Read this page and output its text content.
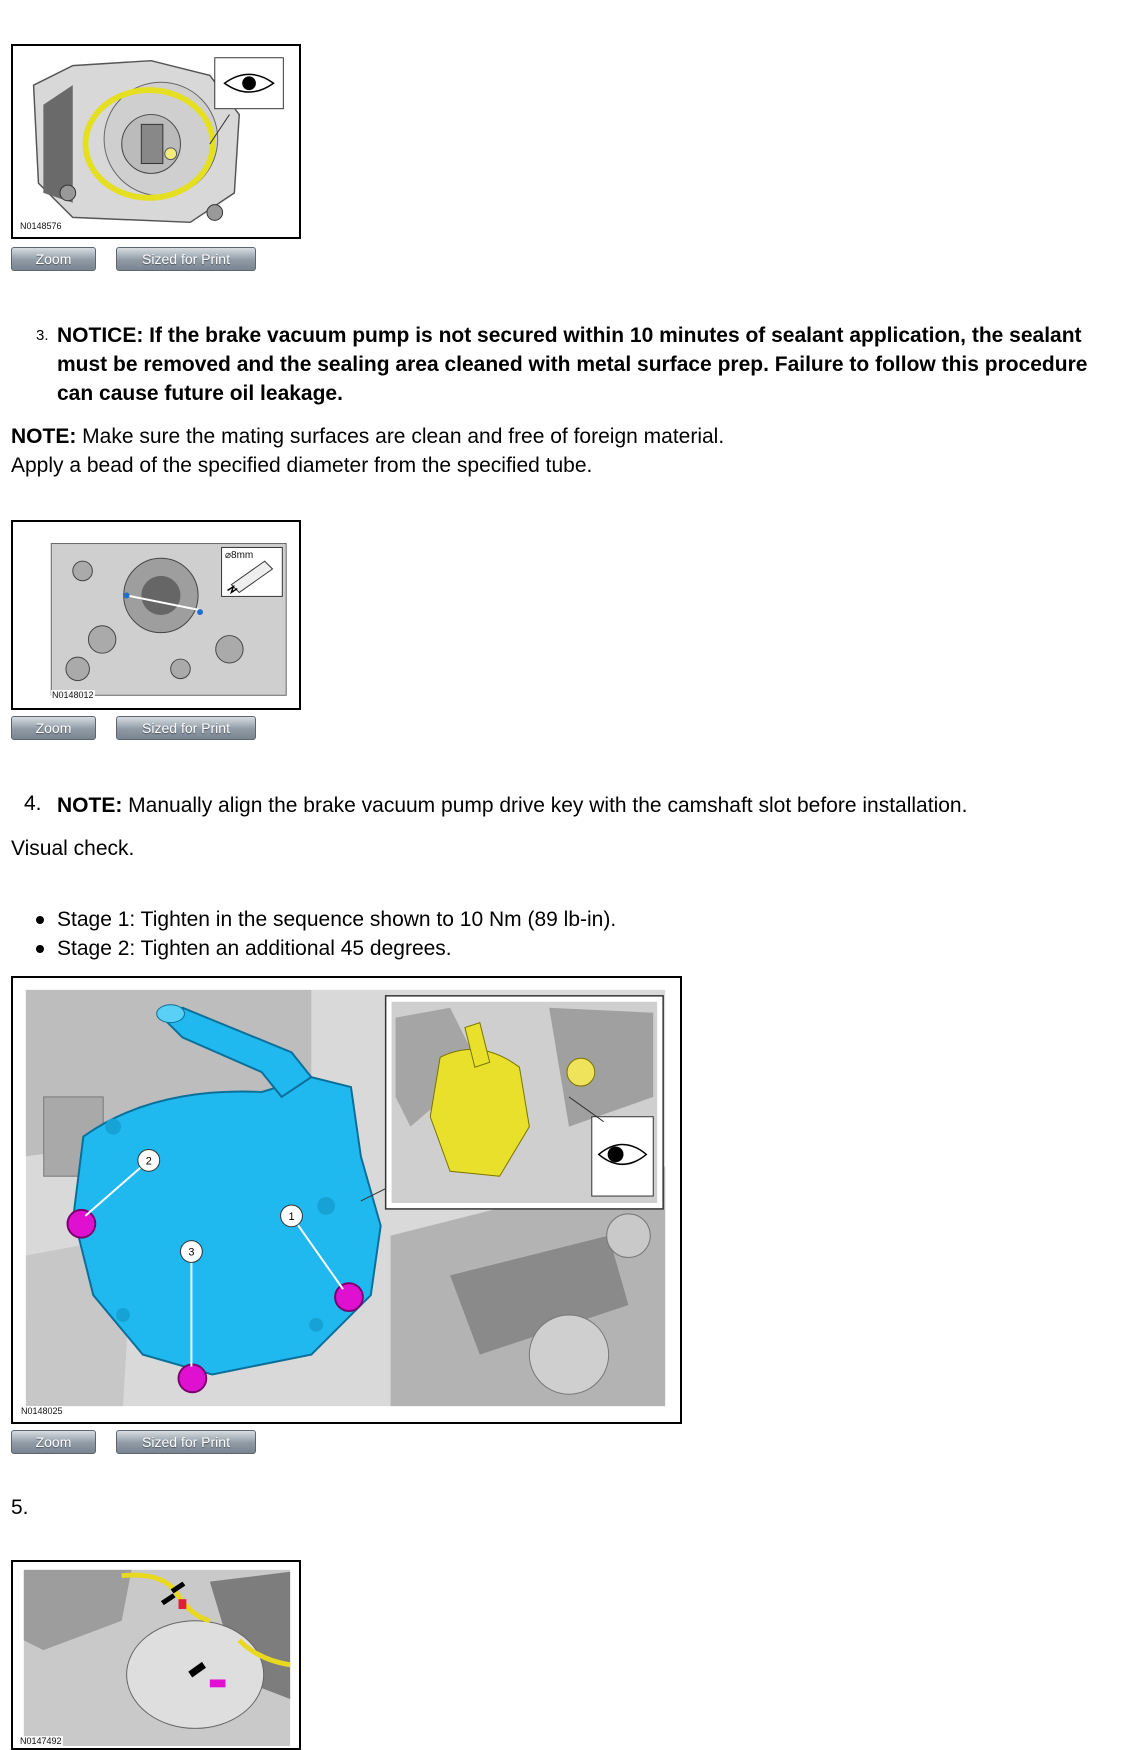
N0148576
Zoom	Sized for Print
3. NOTICE: If the brake vacuum pump is not secured within 10 minutes of sealant application, the sealant must be removed and the sealing area cleaned with metal surface prep. Failure to follow this procedure can cause future oil leakage.
NOTE: Make sure the mating surfaces are clean and free of foreign material.
Apply a bead of the specified diameter from the specified tube.
⌀8mm
N0148012
Zoom	Sized for Print
4. NOTE: Manually align the brake vacuum pump drive key with the camshaft slot before installation.
Visual check.
Stage 1: Tighten in the sequence shown to 10 Nm (89 lb-in).
Stage 2: Tighten an additional 45 degrees.
2
1
3
N0148025
Zoom	Sized for Print
5.
N0147492
